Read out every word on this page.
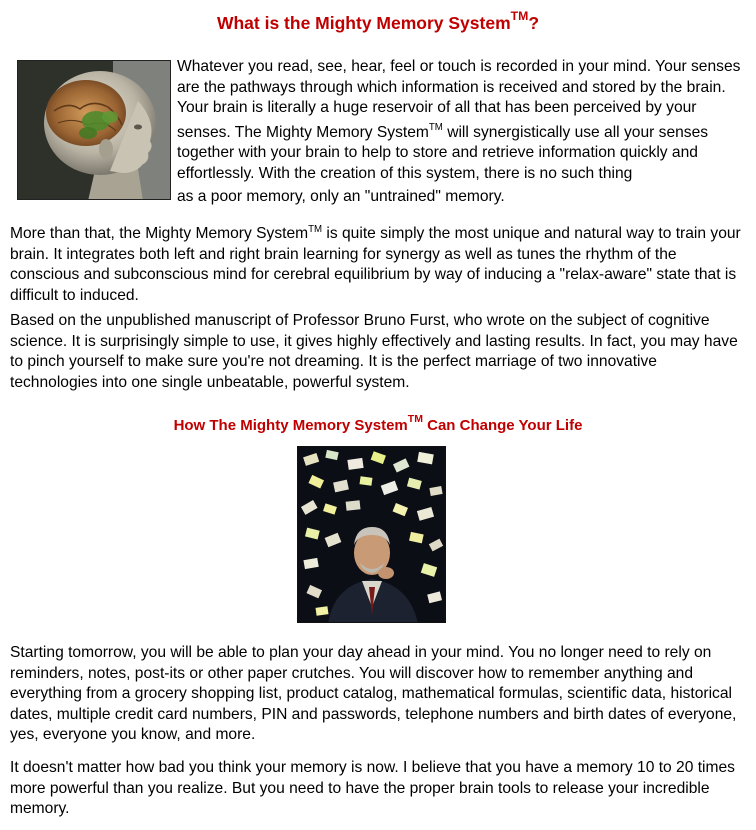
What is the Mighty Memory System™?

Whatever you read, see, hear, feel or touch is recorded in your mind. Your senses are the pathways through which information is received and stored by the brain. Your brain is literally a huge reservoir of all that has been perceived by your senses. The Mighty Memory System™ will synergistically use all your senses together with your brain to help to store and retrieve information quickly and effortlessly. With the creation of this system, there is no such thing
as a poor memory, only an "untrained" memory.

More than that, the Mighty Memory System™ is quite simply the most unique and natural way to train your brain. It integrates both left and right brain learning for synergy as well as tunes the rhythm of the conscious and subconscious mind for cerebral equilibrium by way of inducing a "relax-aware" state that is difficult to induced.

Based on the unpublished manuscript of Professor Bruno Furst, who wrote on the subject of cognitive science. It is surprisingly simple to use, it gives highly effectively and lasting results. In fact, you may have to pinch yourself to make sure you're not dreaming. It is the perfect marriage of two innovative technologies into one single unbeatable, powerful system.

How The Mighty Memory System™ Can Change Your Life

Starting tomorrow, you will be able to plan your day ahead in your mind. You no longer need to rely on reminders, notes, post-its or other paper crutches. You will discover how to remember anything and everything from a grocery shopping list, product catalog, mathematical formulas, scientific data, historical dates, multiple credit card numbers, PIN and passwords, telephone numbers and birth dates of everyone, yes, everyone you know, and more.

It doesn't matter how bad you think your memory is now. I believe that you have a memory 10 to 20 times more powerful than you realize. But you need to have the proper brain tools to release your incredible memory.
